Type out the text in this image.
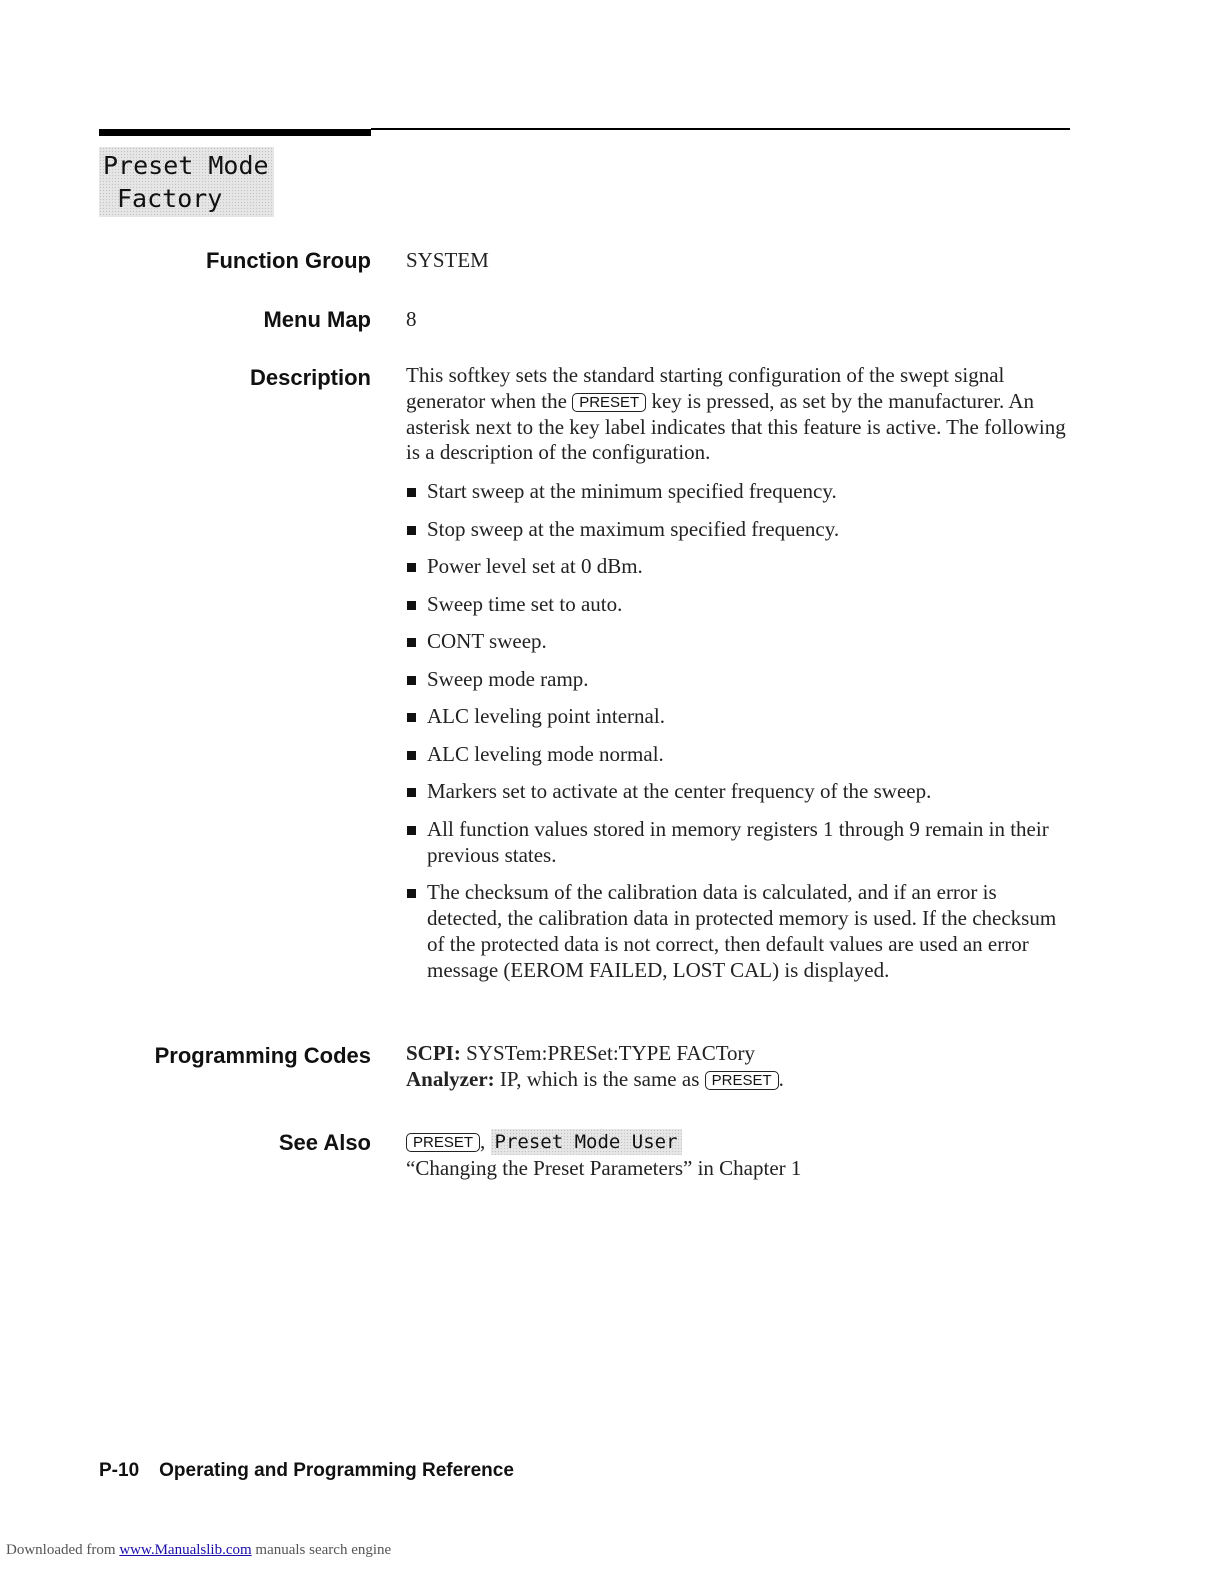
Preset Mode
Factory
Function Group SYSTEM
Menu Map 8
Description This softkey sets the standard starting configuration of the swept signal generator when the PRESET key is pressed, as set by the manufacturer. An asterisk next to the key label indicates that this feature is active. The following is a description of the configuration.
Start sweep at the minimum specified frequency.
Stop sweep at the maximum specified frequency.
Power level set at 0 dBm.
Sweep time set to auto.
CONT sweep.
Sweep mode ramp.
ALC leveling point internal.
ALC leveling mode normal.
Markers set to activate at the center frequency of the sweep.
All function values stored in memory registers 1 through 9 remain in their previous states.
The checksum of the calibration data is calculated, and if an error is detected, the calibration data in protected memory is used. If the checksum of the protected data is not correct, then default values are used an error message (EEROM FAILED, LOST CAL) is displayed.
Programming Codes SCPI: SYSTem:PRESet:TYPE FACTory
Analyzer: IP, which is the same as PRESET .
See Also	PRESET , Preset Mode User
“Changing the Preset Parameters” in Chapter 1
P-10 Operating and Programming Reference
Downloaded from www.Manualslib.com manuals search engine
